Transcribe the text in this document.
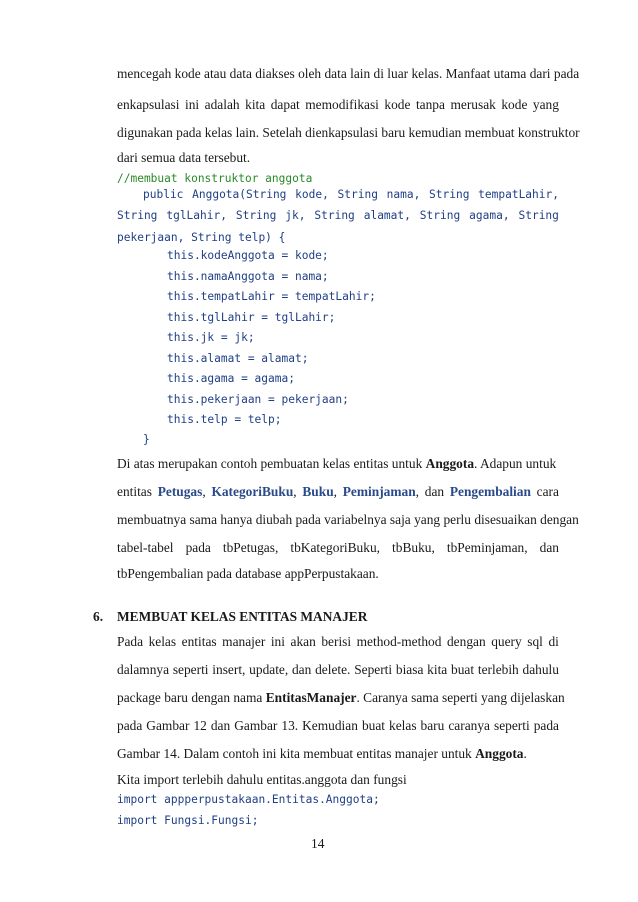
mencegah kode atau data diakses oleh data lain di luar kelas. Manfaat utama dari pada
enkapsulasi ini adalah kita dapat memodifikasi kode tanpa merusak kode yang
digunakan pada kelas lain. Setelah dienkapsulasi baru kemudian membuat konstruktor
dari semua data tersebut.
//membuat konstruktor anggota
public Anggota(String kode, String nama, String tempatLahir,
String tglLahir, String jk, String alamat, String agama, String
pekerjaan, String telp) {
this.kodeAnggota = kode;
this.namaAnggota = nama;
this.tempatLahir = tempatLahir;
this.tglLahir = tglLahir;
this.jk = jk;
this.alamat = alamat;
this.agama = agama;
this.pekerjaan = pekerjaan;
this.telp = telp;
}
Di atas merupakan contoh pembuatan kelas entitas untuk Anggota. Adapun untuk
entitas Petugas, KategoriBuku, Buku, Peminjaman, dan Pengembalian cara
membuatnya sama hanya diubah pada variabelnya saja yang perlu disesuaikan dengan
tabel-tabel pada tbPetugas, tbKategoriBuku, tbBuku, tbPeminjaman, dan
tbPengembalian pada database appPerpustakaan.
6. MEMBUAT KELAS ENTITAS MANAJER
Pada kelas entitas manajer ini akan berisi method-method dengan query sql di
dalamnya seperti insert, update, dan delete. Seperti biasa kita buat terlebih dahulu
package baru dengan nama EntitasManajer. Caranya sama seperti yang dijelaskan
pada Gambar 12 dan Gambar 13. Kemudian buat kelas baru caranya seperti pada
Gambar 14. Dalam contoh ini kita membuat entitas manajer untuk Anggota.
Kita import terlebih dahulu entitas.anggota dan fungsi
import appperpustakaan.Entitas.Anggota;
import Fungsi.Fungsi;
14
